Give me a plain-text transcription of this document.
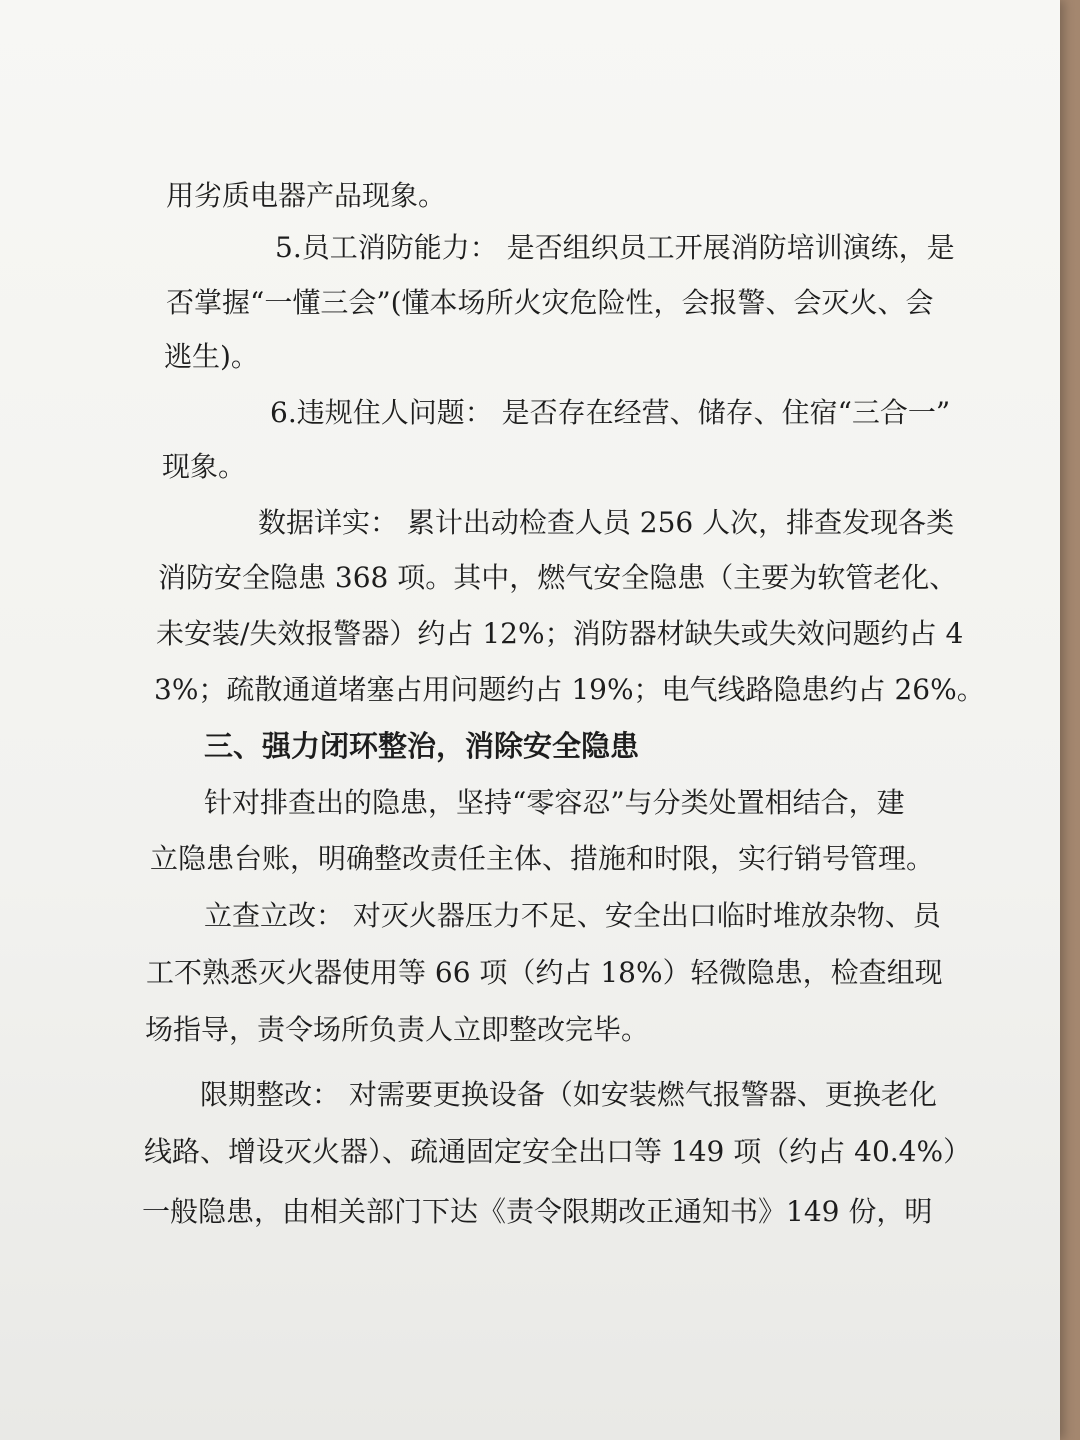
用劣质电器产品现象。
5.员工消防能力： 是否组织员工开展消防培训演练，是
否掌握“一懂三会”(懂本场所火灾危险性，会报警、会灭火、会
逃生)。
6.违规住人问题： 是否存在经营、储存、住宿“三合一”
现象。
数据详实： 累计出动检查人员 256 人次，排查发现各类
消防安全隐患 368 项。其中，燃气安全隐患（主要为软管老化、
未安装/失效报警器）约占 12%；消防器材缺失或失效问题约占 4
3%；疏散通道堵塞占用问题约占 19%；电气线路隐患约占 26%。
三、强力闭环整治，消除安全隐患
针对排查出的隐患，坚持“零容忍”与分类处置相结合，建
立隐患台账，明确整改责任主体、措施和时限，实行销号管理。
立查立改： 对灭火器压力不足、安全出口临时堆放杂物、员
工不熟悉灭火器使用等 66 项（约占 18%）轻微隐患，检查组现
场指导，责令场所负责人立即整改完毕。
限期整改： 对需要更换设备（如安装燃气报警器、更换老化
线路、增设灭火器）、疏通固定安全出口等 149 项（约占 40.4%）
一般隐患，由相关部门下达《责令限期改正通知书》149 份，明
